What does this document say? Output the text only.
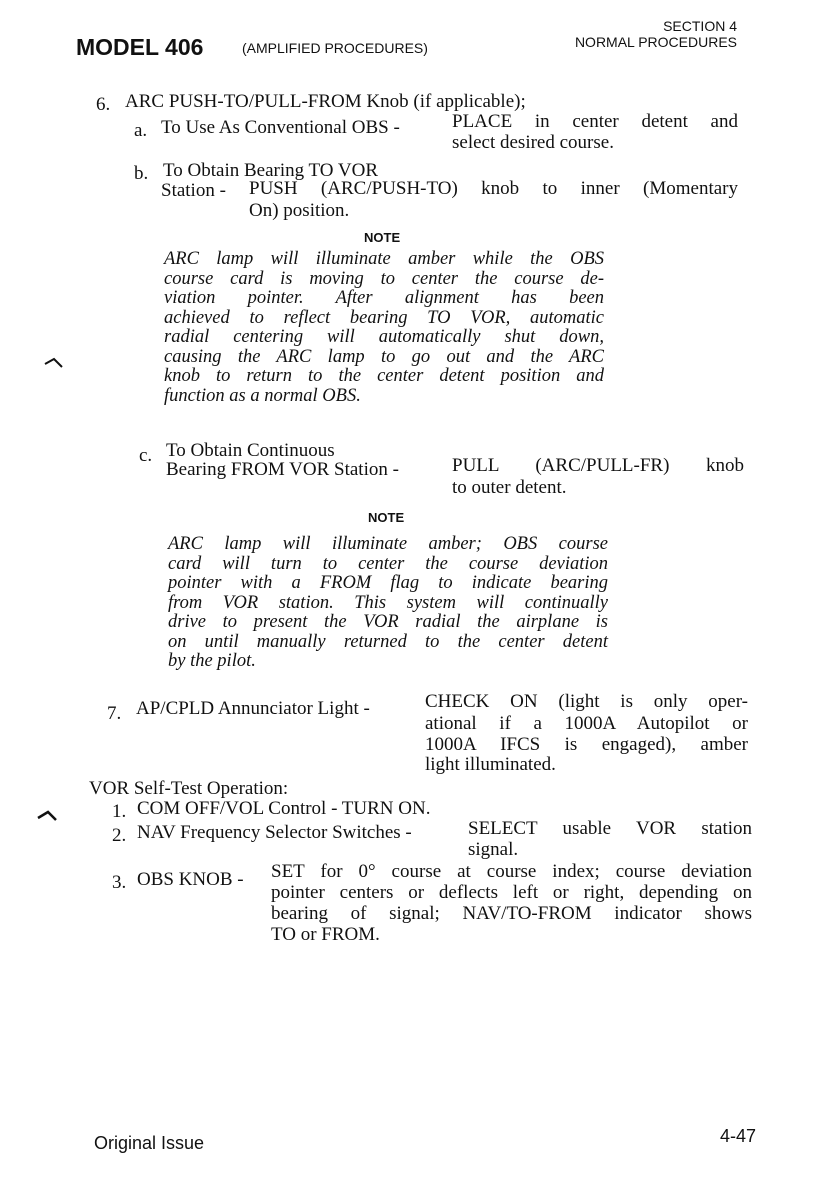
MODEL 406	(AMPLIFIED PROCEDURES)
SECTION 4
NORMAL PROCEDURES
6. ARC PUSH-TO/PULL-FROM Knob (if applicable);
a. To Use As Conventional OBS -	PLACE in center detent and
select desired course.
b. To Obtain Bearing TO VOR
Station - PUSH (ARC/PUSH-TO) knob to inner (Momentary
On) position.
NOTE
ARC lamp will illuminate amber while the OBS
course card is moving to center the course de-
viation pointer. After alignment has been
achieved to reflect bearing TO VOR, automatic
radial centering will automatically shut down,
causing the ARC lamp to go out and the ARC
knob to return to the center detent position and
function as a normal OBS.
c. To Obtain Continuous
Bearing FROM VOR Station -	PULL (ARC/PULL-FR) knob
to outer detent.
NOTE
ARC lamp will illuminate amber; OBS course
card will turn to center the course deviation
pointer with a FROM flag to indicate bearing
from VOR station. This system will continually
drive to present the VOR radial the airplane is
on until manually returned to the center detent
by the pilot.
7. AP/CPLD Annunciator Light -	CHECK ON (light is only oper-
ational if a 1000A Autopilot or
1000A IFCS is engaged), amber
light illuminated.
VOR Self-Test Operation:
1. COM OFF/VOL Control - TURN ON.
2. NAV Frequency Selector Switches -	SELECT usable VOR station
signal.
3. OBS KNOB - SET for 0° course at course index; course deviation
pointer centers or deflects left or right, depending on
bearing of signal; NAV/TO-FROM indicator shows
TO or FROM.
Original Issue	4-47
